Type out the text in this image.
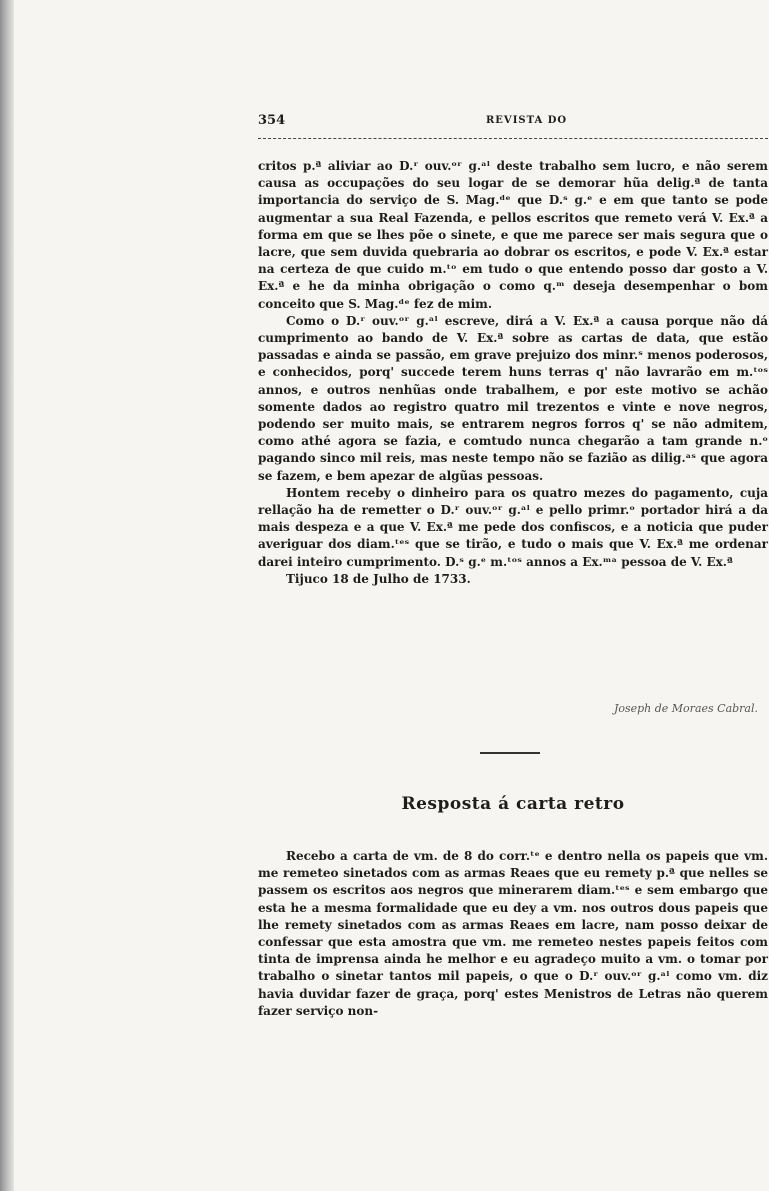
354	REVISTA DO

critos p.ª aliviar ao D.ʳ ouv.ᵒʳ g.ᵃˡ deste trabalho sem lucro, e não serem causa as occupações do seu logar de se demorar hũa delig.ª de tanta importancia do serviço de S. Mag.ᵈᵉ que D.ˢ g.ᵉ e em que tanto se pode augmentar a sua Real Fazenda, e pellos escritos que remeto verá V. Ex.ª a forma em que se lhes põe o sinete, e que me parece ser mais segura que o lacre, que sem duvida quebraria ao dobrar os escritos, e pode V. Ex.ª estar na certeza de que cuido m.ᵗᵒ em tudo o que entendo posso dar gosto a V. Ex.ª e he da minha obrigação o como q.ᵐ deseja desempenhar o bom conceito que S. Mag.ᵈᵉ fez de mim.

Como o D.ʳ ouv.ᵒʳ g.ᵃˡ escreve, dirá a V. Ex.ª a causa porque não dá cumprimento ao bando de V. Ex.ª sobre as cartas de data, que estão passadas e ainda se passão, em grave prejuizo dos minr.ˢ menos poderosos, e conhecidos, porq' succede terem huns terras q' não lavrarão em m.ᵗᵒˢ annos, e outros nenhũas onde trabalhem, e por este motivo se achão somente dados ao registro quatro mil trezentos e vinte e nove negros, podendo ser muito mais, se entrarem negros forros q' se não admitem, como athé agora se fazia, e comtudo nunca chegarão a tam grande n.ᵒ pagando sinco mil reis, mas neste tempo não se fazião as dilig.ᵃˢ que agora se fazem, e bem apezar de algũas pessoas.

Hontem receby o dinheiro para os quatro mezes do pagamento, cuja rellação ha de remetter o D.ʳ ouv.ᵒʳ g.ᵃˡ e pello primr.ᵒ portador hirá a da mais despeza e a que V. Ex.ª me pede dos confiscos, e a noticia que puder averiguar dos diam.ᵗᵉˢ que se tirão, e tudo o mais que V. Ex.ª me ordenar darei inteiro cumprimento. D.ˢ g.ᵉ m.ᵗᵒˢ annos a Ex.ᵐᵃ pessoa de V. Ex.ª

Tijuco 18 de Julho de 1733.

Joseph de Moraes Cabral.
Resposta á carta retro

Recebo a carta de vm. de 8 do corr.ᵗᵉ e dentro nella os papeis que vm. me remeteo sinetados com as armas Reaes que eu remety p.ª que nelles se passem os escritos aos negros que minerarem diam.ᵗᵉˢ e sem embargo que esta he a mesma formalidade que eu dey a vm. nos outros dous papeis que lhe remety sinetados com as armas Reaes em lacre, nam posso deixar de confessar que esta amostra que vm. me remeteo nestes papeis feitos com tinta de imprensa ainda he melhor e eu agradeço muito a vm. o tomar por trabalho o sinetar tantos mil papeis, o que o D.ʳ ouv.ᵒʳ g.ᵃˡ como vm. diz havia duvidar fazer de graça, porq' estes Menistros de Letras não querem fazer serviço non-
